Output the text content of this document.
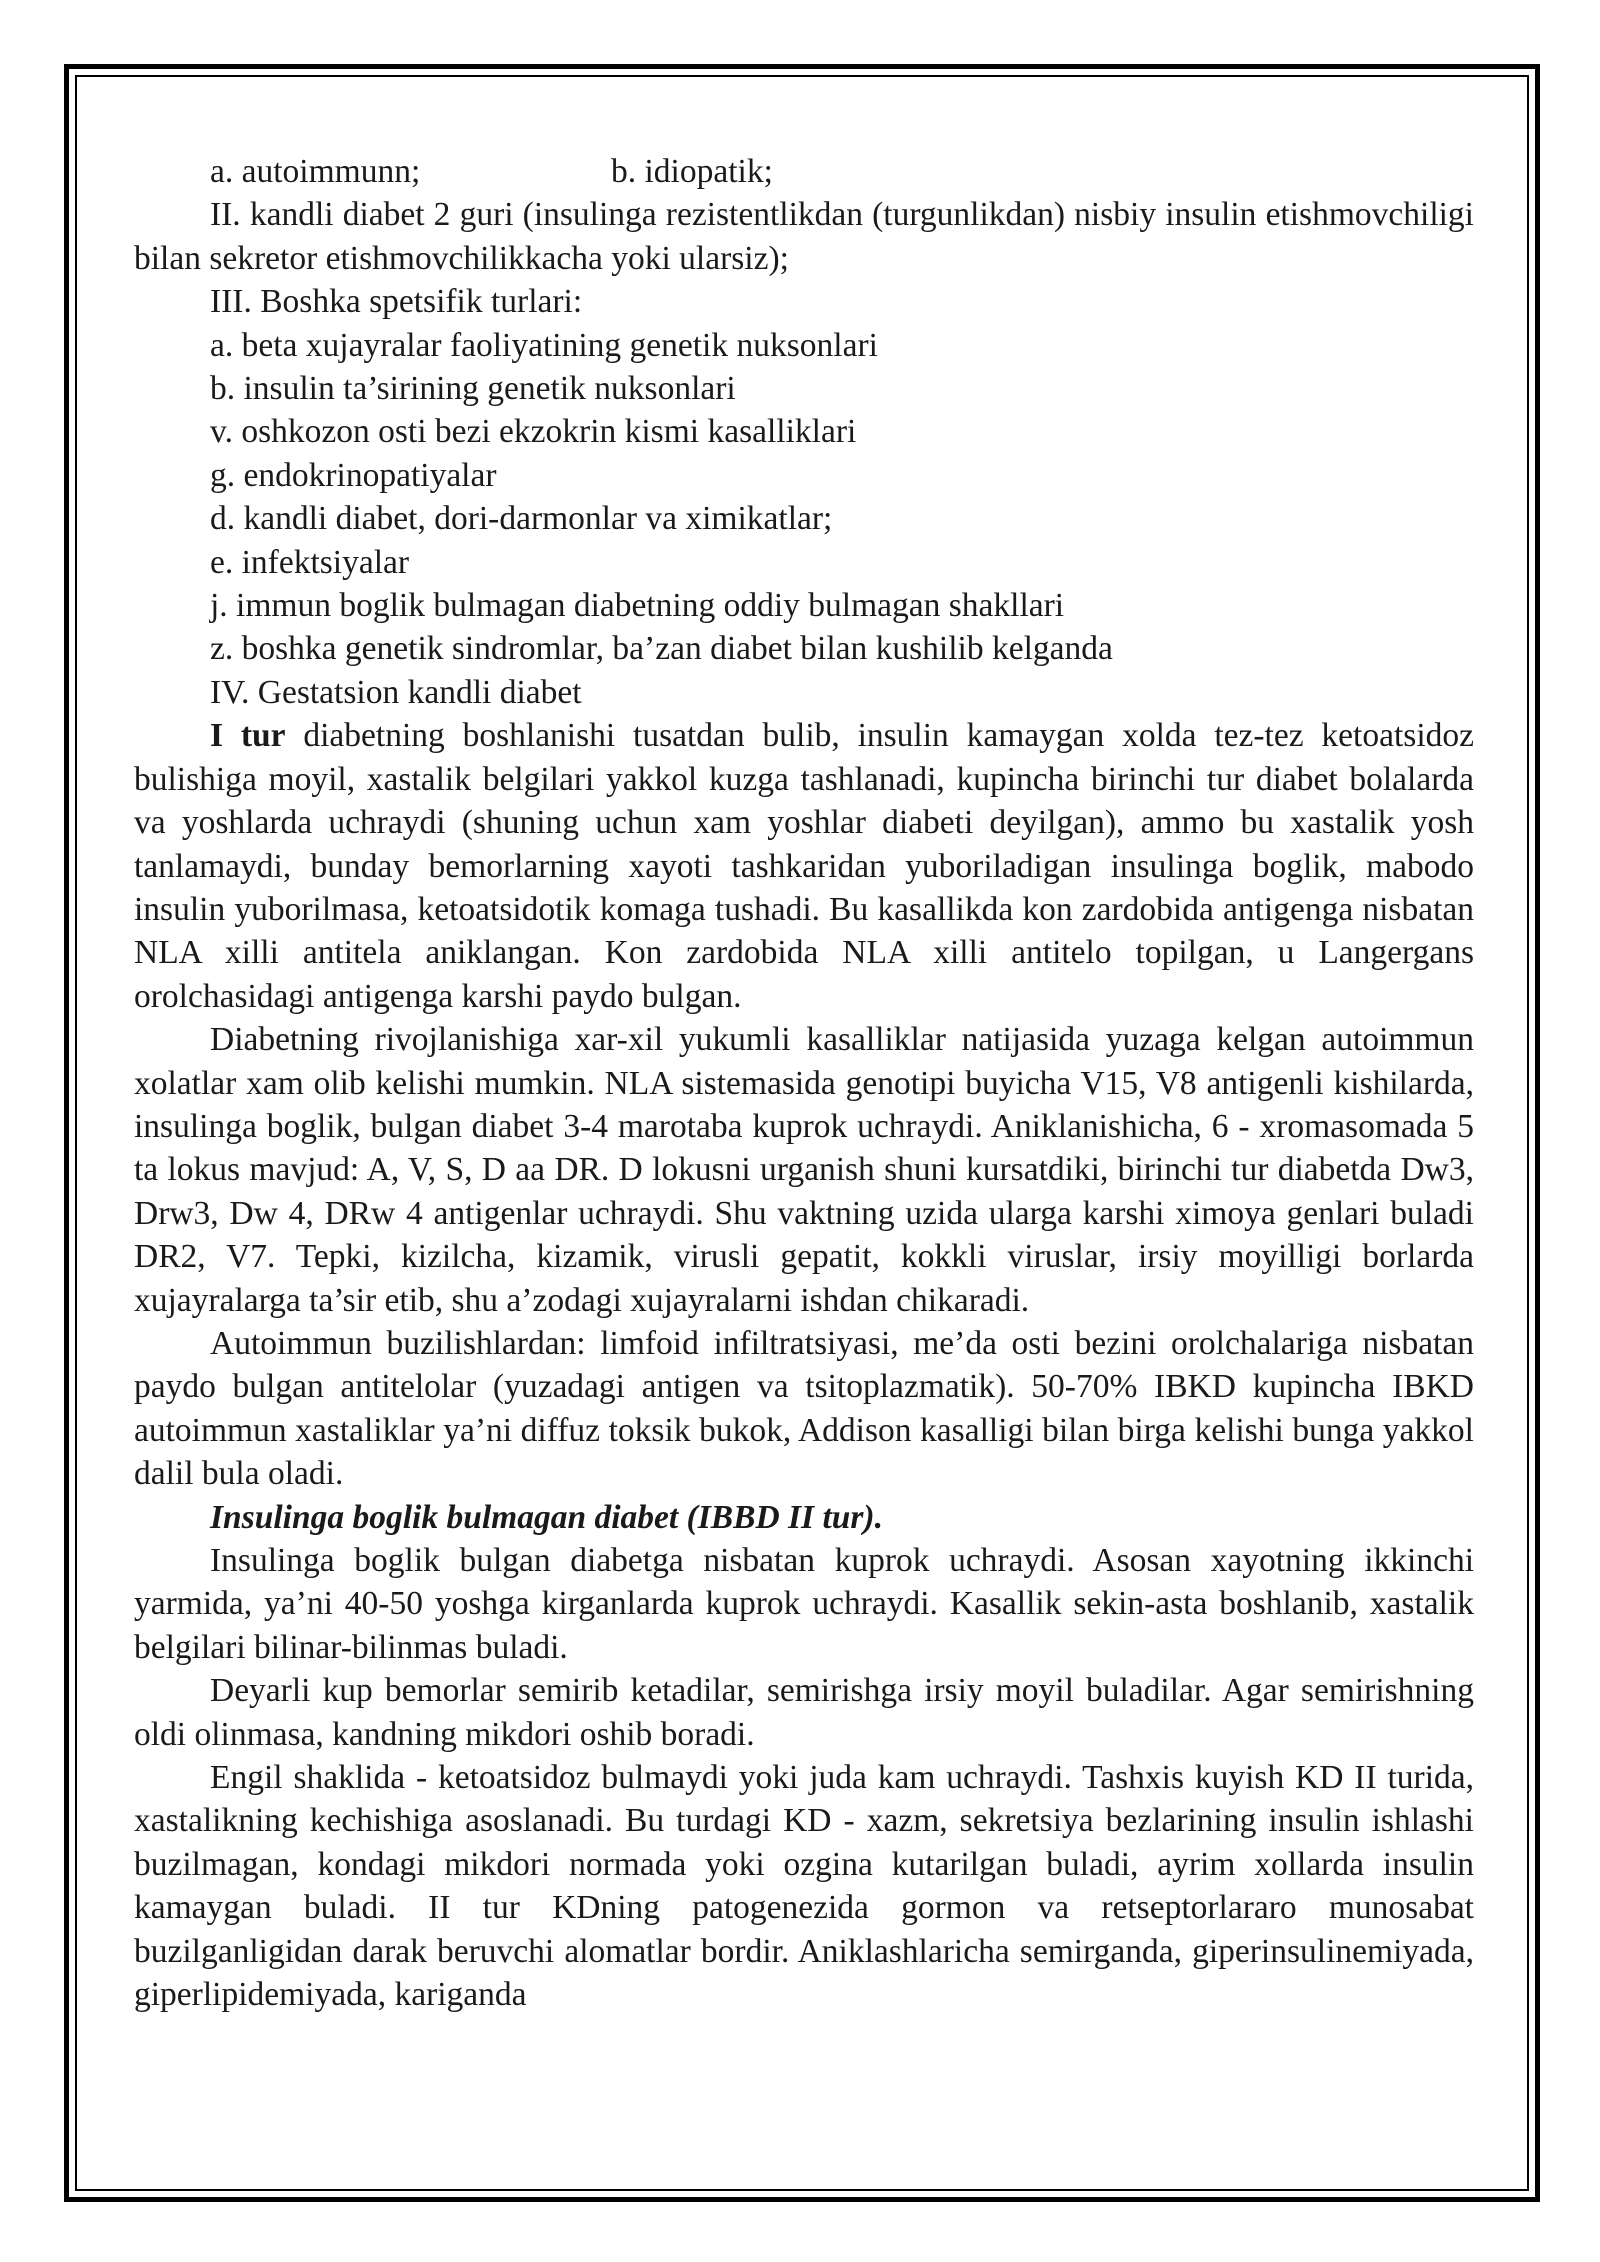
a. autoimmunn;	b. idiopatik;

II. kandli diabet 2 guri (insulinga rezistentlikdan (turgunlikdan) nisbiy insulin etishmovchiligi bilan sekretor etishmovchilikkacha yoki ularsiz);

III. Boshka spetsifik turlari:

a. beta xujayralar faoliyatining genetik nuksonlari

b. insulin ta’sirining genetik nuksonlari

v. oshkozon osti bezi ekzokrin kismi kasalliklari

g. endokrinopatiyalar

d. kandli diabet, dori-darmonlar va ximikatlar;

e. infektsiyalar

j. immun boglik bulmagan diabetning oddiy bulmagan shakllari

z. boshka genetik sindromlar, ba’zan diabet bilan kushilib kelganda

IV. Gestatsion kandli diabet

I tur diabetning boshlanishi tusatdan bulib, insulin kamaygan xolda tez-tez ketoatsidoz bulishiga moyil, xastalik belgilari yakkol kuzga tashlanadi, kupincha birinchi tur diabet bolalarda va yoshlarda uchraydi (shuning uchun xam yoshlar diabeti deyilgan), ammo bu xastalik yosh tanlamaydi, bunday bemorlarning xayoti tashkaridan yuboriladigan insulinga boglik, mabodo insulin yuborilmasa, ketoatsidotik komaga tushadi. Bu kasallikda kon zardobida antigenga nisbatan NLA xilli antitela aniklangan. Kon zardobida NLA xilli antitelo topilgan, u Langergans orolchasidagi antigenga karshi paydo bulgan.

Diabetning rivojlanishiga xar-xil yukumli kasalliklar natijasida yuzaga kelgan autoimmun xolatlar xam olib kelishi mumkin. NLA sistemasida genotipi buyicha V15, V8 antigenli kishilarda, insulinga boglik, bulgan diabet 3-4 marotaba kuprok uchraydi. Aniklanishicha, 6 - xromasomada 5 ta lokus mavjud: A, V, S, D aa DR. D lokusni urganish shuni kursatdiki, birinchi tur diabetda Dw3, Drw3, Dw 4, DRw 4 antigenlar uchraydi. Shu vaktning uzida ularga karshi ximoya genlari buladi DR2, V7. Tepki, kizilcha, kizamik, virusli gepatit, kokkli viruslar, irsiy moyilligi borlarda xujayralarga ta’sir etib, shu a’zodagi xujayralarni ishdan chikaradi.

Autoimmun buzilishlardan: limfoid infiltratsiyasi, me’da osti bezini orolchalariga nisbatan paydo bulgan antitelolar (yuzadagi antigen va tsitoplazmatik). 50-70% IBKD kupincha IBKD autoimmun xastaliklar ya’ni diffuz toksik bukok, Addison kasalligi bilan birga kelishi bunga yakkol dalil bula oladi.

Insulinga boglik bulmagan diabet (IBBD II tur).

Insulinga boglik bulgan diabetga nisbatan kuprok uchraydi. Asosan xayotning ikkinchi yarmida, ya’ni 40-50 yoshga kirganlarda kuprok uchraydi. Kasallik sekin-asta boshlanib, xastalik belgilari bilinar-bilinmas buladi.

Deyarli kup bemorlar semirib ketadilar, semirishga irsiy moyil buladilar. Agar semirishning oldi olinmasa, kandning mikdori oshib boradi.

Engil shaklida - ketoatsidoz bulmaydi yoki juda kam uchraydi. Tashxis kuyish KD II turida, xastalikning kechishiga asoslanadi. Bu turdagi KD - xazm, sekretsiya bezlarining insulin ishlashi buzilmagan, kondagi mikdori normada yoki ozgina kutarilgan buladi, ayrim xollarda insulin kamaygan buladi. II tur KDning patogenezida gormon va retseptorlararo munosabat buzilganligidan darak beruvchi alomatlar bordir. Aniklashlaricha semirganda, giperinsulinemiyada, giperlipidemiyada, kariganda
